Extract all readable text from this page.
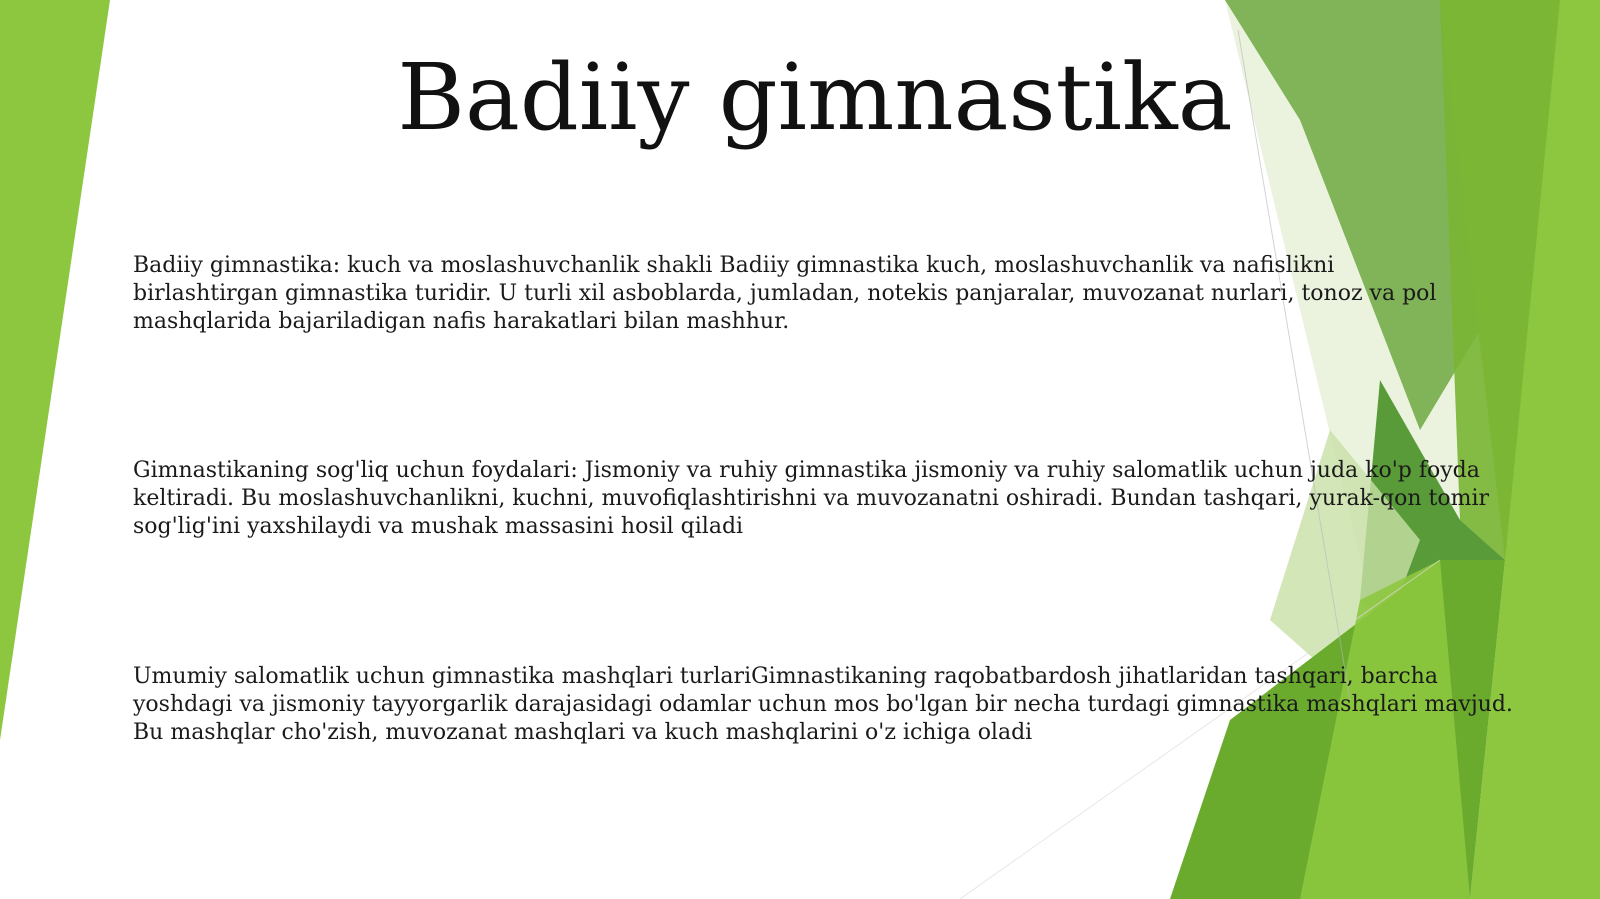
Badiiy gimnastika

Badiiy gimnastika: kuch va moslashuvchanlik shakli Badiiy gimnastika kuch, moslashuvchanlik va nafislikni birlashtirgan gimnastika turidir. U turli xil asboblarda, jumladan, notekis panjaralar, muvozanat nurlari, tonoz va pol mashqlarida bajariladigan nafis harakatlari bilan mashhur.

Gimnastikaning sog'liq uchun foydalari: Jismoniy va ruhiy gimnastika jismoniy va ruhiy salomatlik uchun juda ko'p foyda keltiradi. Bu moslashuvchanlikni, kuchni, muvofiqlashtirishni va muvozanatni oshiradi. Bundan tashqari, yurak-qon tomir sog'lig'ini yaxshilaydi va mushak massasini hosil qiladi

Umumiy salomatlik uchun gimnastika mashqlari turlariGimnastikaning raqobatbardosh jihatlaridan tashqari, barcha yoshdagi va jismoniy tayyorgarlik darajasidagi odamlar uchun mos bo'lgan bir necha turdagi gimnastika mashqlari mavjud. Bu mashqlar cho'zish, muvozanat mashqlari va kuch mashqlarini o'z ichiga oladi
